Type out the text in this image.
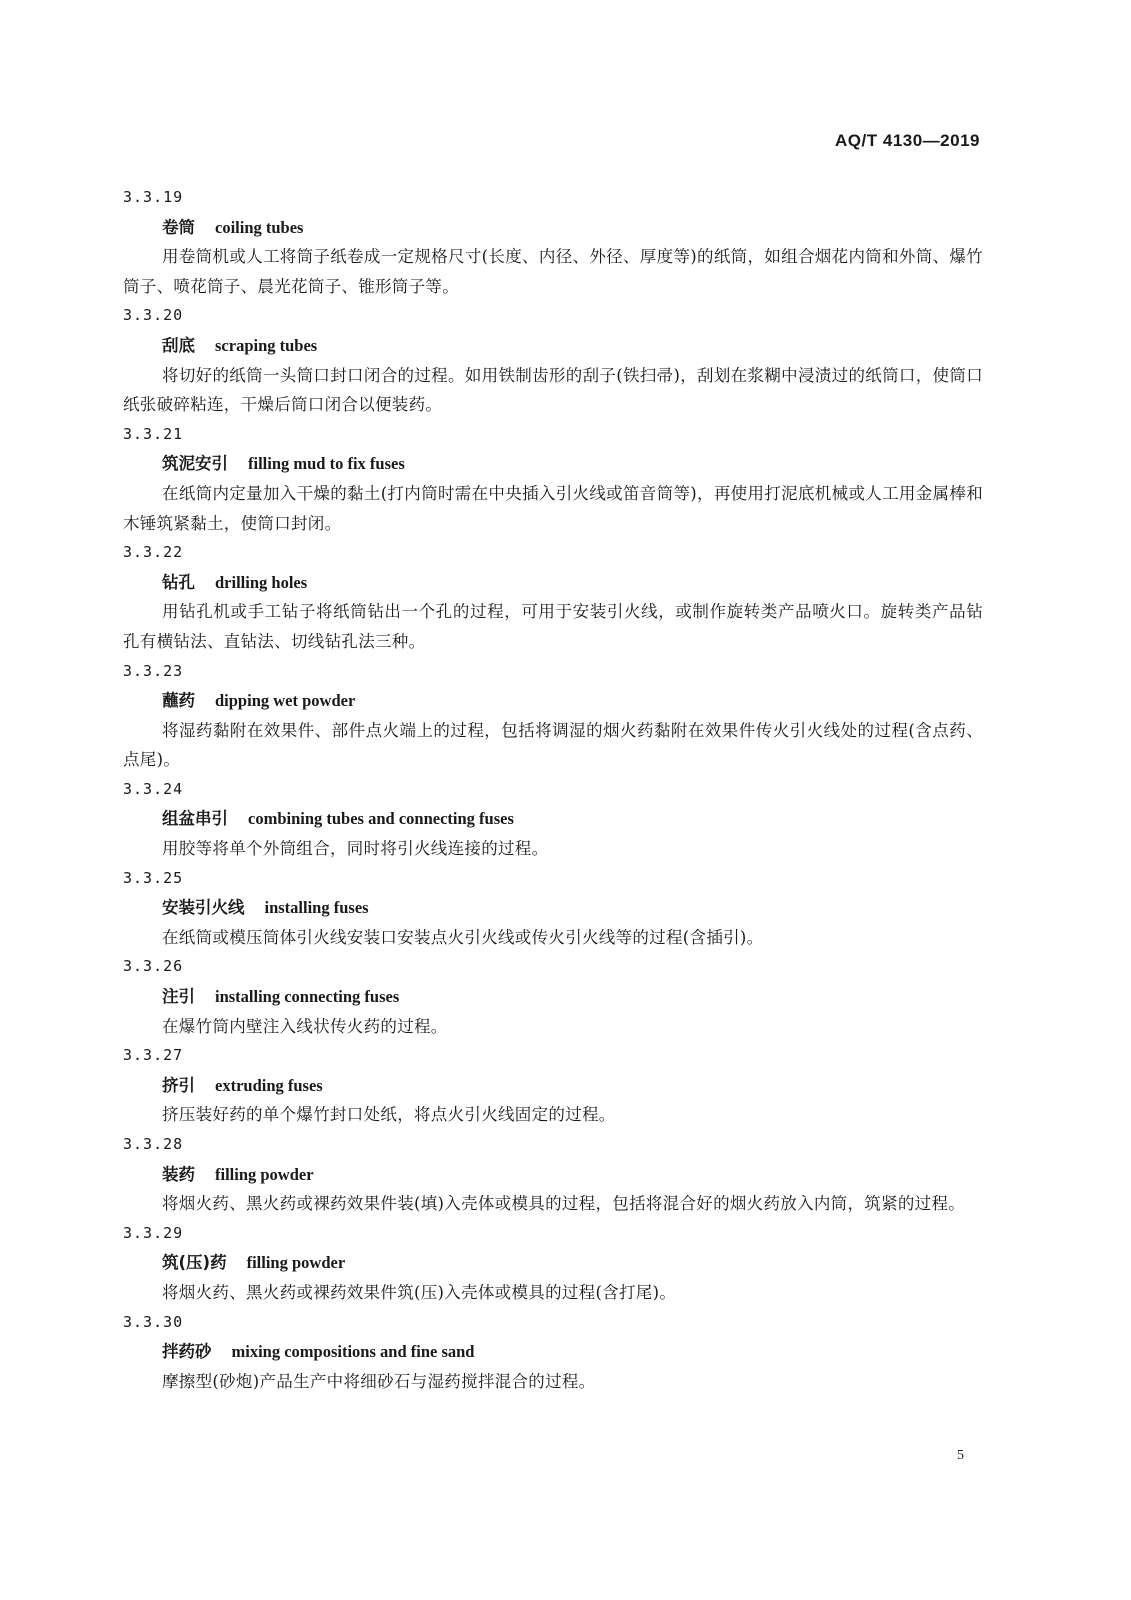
AQ/T 4130—2019
3.3.19
卷筒 coiling tubes
用卷筒机或人工将筒子纸卷成一定规格尺寸(长度、内径、外径、厚度等)的纸筒，如组合烟花内筒和外筒、爆竹筒子、喷花筒子、晨光花筒子、锥形筒子等。
3.3.20
刮底 scraping tubes
将切好的纸筒一头筒口封口闭合的过程。如用铁制齿形的刮子(铁扫帚)，刮划在浆糊中浸渍过的纸筒口，使筒口纸张破碎粘连，干燥后筒口闭合以便装药。
3.3.21
筑泥安引 filling mud to fix fuses
在纸筒内定量加入干燥的黏土(打内筒时需在中央插入引火线或笛音筒等)，再使用打泥底机械或人工用金属棒和木锤筑紧黏土，使筒口封闭。
3.3.22
钻孔 drilling holes
用钻孔机或手工钻子将纸筒钻出一个孔的过程，可用于安装引火线，或制作旋转类产品喷火口。旋转类产品钻孔有横钻法、直钻法、切线钻孔法三种。
3.3.23
蘸药 dipping wet powder
将湿药黏附在效果件、部件点火端上的过程，包括将调湿的烟火药黏附在效果件传火引火线处的过程(含点药、点尾)。
3.3.24
组盆串引 combining tubes and connecting fuses
用胶等将单个外筒组合，同时将引火线连接的过程。
3.3.25
安装引火线 installing fuses
在纸筒或模压筒体引火线安装口安装点火引火线或传火引火线等的过程(含插引)。
3.3.26
注引 installing connecting fuses
在爆竹筒内壁注入线状传火药的过程。
3.3.27
挤引 extruding fuses
挤压装好药的单个爆竹封口处纸，将点火引火线固定的过程。
3.3.28
装药 filling powder
将烟火药、黑火药或裸药效果件装(填)入壳体或模具的过程，包括将混合好的烟火药放入内筒，筑紧的过程。
3.3.29
筑(压)药 filling powder
将烟火药、黑火药或裸药效果件筑(压)入壳体或模具的过程(含打尾)。
3.3.30
拌药砂 mixing compositions and fine sand
摩擦型(砂炮)产品生产中将细砂石与湿药搅拌混合的过程。
5
